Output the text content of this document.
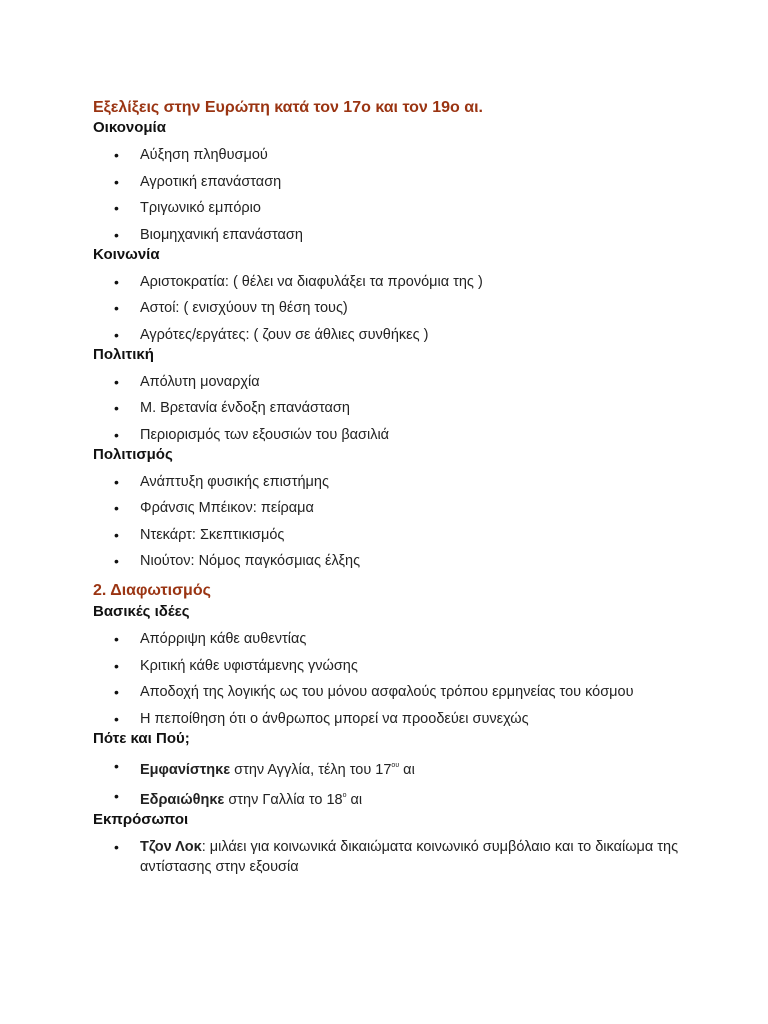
Εξελίξεις στην Ευρώπη κατά τον 17ο και τον 19ο αι.
Οικονομία
• Αύξηση πληθυσμού
• Αγροτική επανάσταση
• Τριγωνικό εμπόριο
• Βιομηχανική επανάσταση
Κοινωνία
• Αριστοκρατία: ( θέλει να διαφυλάξει τα προνόμια της )
• Αστοί: ( ενισχύουν τη θέση τους)
• Αγρότες/εργάτες: ( ζουν σε άθλιες συνθήκες )
Πολιτική
• Απόλυτη μοναρχία
• Μ. Βρετανία ένδοξη επανάσταση
• Περιορισμός των εξουσιών του βασιλιά
Πολιτισμός
• Ανάπτυξη φυσικής επιστήμης
• Φράνσις Μπέικον: πείραμα
• Ντεκάρτ: Σκεπτικισμός
• Νιούτον: Νόμος παγκόσμιας έλξης
2. Διαφωτισμός
Βασικές ιδέες
• Απόρριψη κάθε αυθεντίας
• Κριτική κάθε υφιστάμενης γνώσης
• Αποδοχή της λογικής ως του μόνου ασφαλούς τρόπου ερμηνείας του κόσμου
• Η πεποίθηση ότι ο άνθρωπος μπορεί να προοδεύει συνεχώς
Πότε και Πού;
• Εμφανίστηκε στην Αγγλία, τέλη του $17^{o\upsilon}$ αι
• Εδραιώθηκε στην Γαλλία το $18^o$ αι
Εκπρόσωποι
• Τζον Λοκ: μιλάει για κοινωνικά δικαιώματα κοινωνικό συμβόλαιο και το δικαίωμα της αντίστασης στην εξουσία
